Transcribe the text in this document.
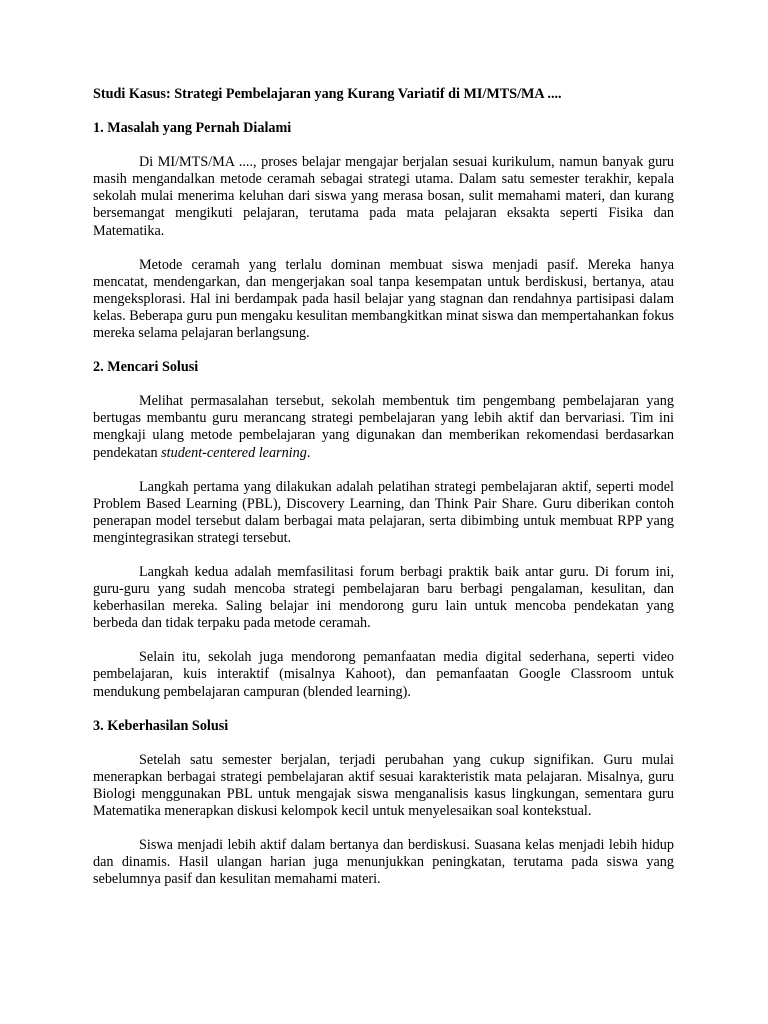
Studi Kasus: Strategi Pembelajaran yang Kurang Variatif di MI/MTS/MA ....
1. Masalah yang Pernah Dialami

Di MI/MTS/MA ...., proses belajar mengajar berjalan sesuai kurikulum, namun banyak guru masih mengandalkan metode ceramah sebagai strategi utama. Dalam satu semester terakhir, kepala sekolah mulai menerima keluhan dari siswa yang merasa bosan, sulit memahami materi, dan kurang bersemangat mengikuti pelajaran, terutama pada mata pelajaran eksakta seperti Fisika dan Matematika.

Metode ceramah yang terlalu dominan membuat siswa menjadi pasif. Mereka hanya mencatat, mendengarkan, dan mengerjakan soal tanpa kesempatan untuk berdiskusi, bertanya, atau mengeksplorasi. Hal ini berdampak pada hasil belajar yang stagnan dan rendahnya partisipasi dalam kelas. Beberapa guru pun mengaku kesulitan membangkitkan minat siswa dan mempertahankan fokus mereka selama pelajaran berlangsung.

2. Mencari Solusi

Melihat permasalahan tersebut, sekolah membentuk tim pengembang pembelajaran yang bertugas membantu guru merancang strategi pembelajaran yang lebih aktif dan bervariasi. Tim ini mengkaji ulang metode pembelajaran yang digunakan dan memberikan rekomendasi berdasarkan pendekatan student-centered learning.

Langkah pertama yang dilakukan adalah pelatihan strategi pembelajaran aktif, seperti model Problem Based Learning (PBL), Discovery Learning, dan Think Pair Share. Guru diberikan contoh penerapan model tersebut dalam berbagai mata pelajaran, serta dibimbing untuk membuat RPP yang mengintegrasikan strategi tersebut.

Langkah kedua adalah memfasilitasi forum berbagi praktik baik antar guru. Di forum ini, guru-guru yang sudah mencoba strategi pembelajaran baru berbagi pengalaman, kesulitan, dan keberhasilan mereka. Saling belajar ini mendorong guru lain untuk mencoba pendekatan yang berbeda dan tidak terpaku pada metode ceramah.

Selain itu, sekolah juga mendorong pemanfaatan media digital sederhana, seperti video pembelajaran, kuis interaktif (misalnya Kahoot), dan pemanfaatan Google Classroom untuk mendukung pembelajaran campuran (blended learning).

3. Keberhasilan Solusi

Setelah satu semester berjalan, terjadi perubahan yang cukup signifikan. Guru mulai menerapkan berbagai strategi pembelajaran aktif sesuai karakteristik mata pelajaran. Misalnya, guru Biologi menggunakan PBL untuk mengajak siswa menganalisis kasus lingkungan, sementara guru Matematika menerapkan diskusi kelompok kecil untuk menyelesaikan soal kontekstual.

Siswa menjadi lebih aktif dalam bertanya dan berdiskusi. Suasana kelas menjadi lebih hidup dan dinamis. Hasil ulangan harian juga menunjukkan peningkatan, terutama pada siswa yang sebelumnya pasif dan kesulitan memahami materi.
